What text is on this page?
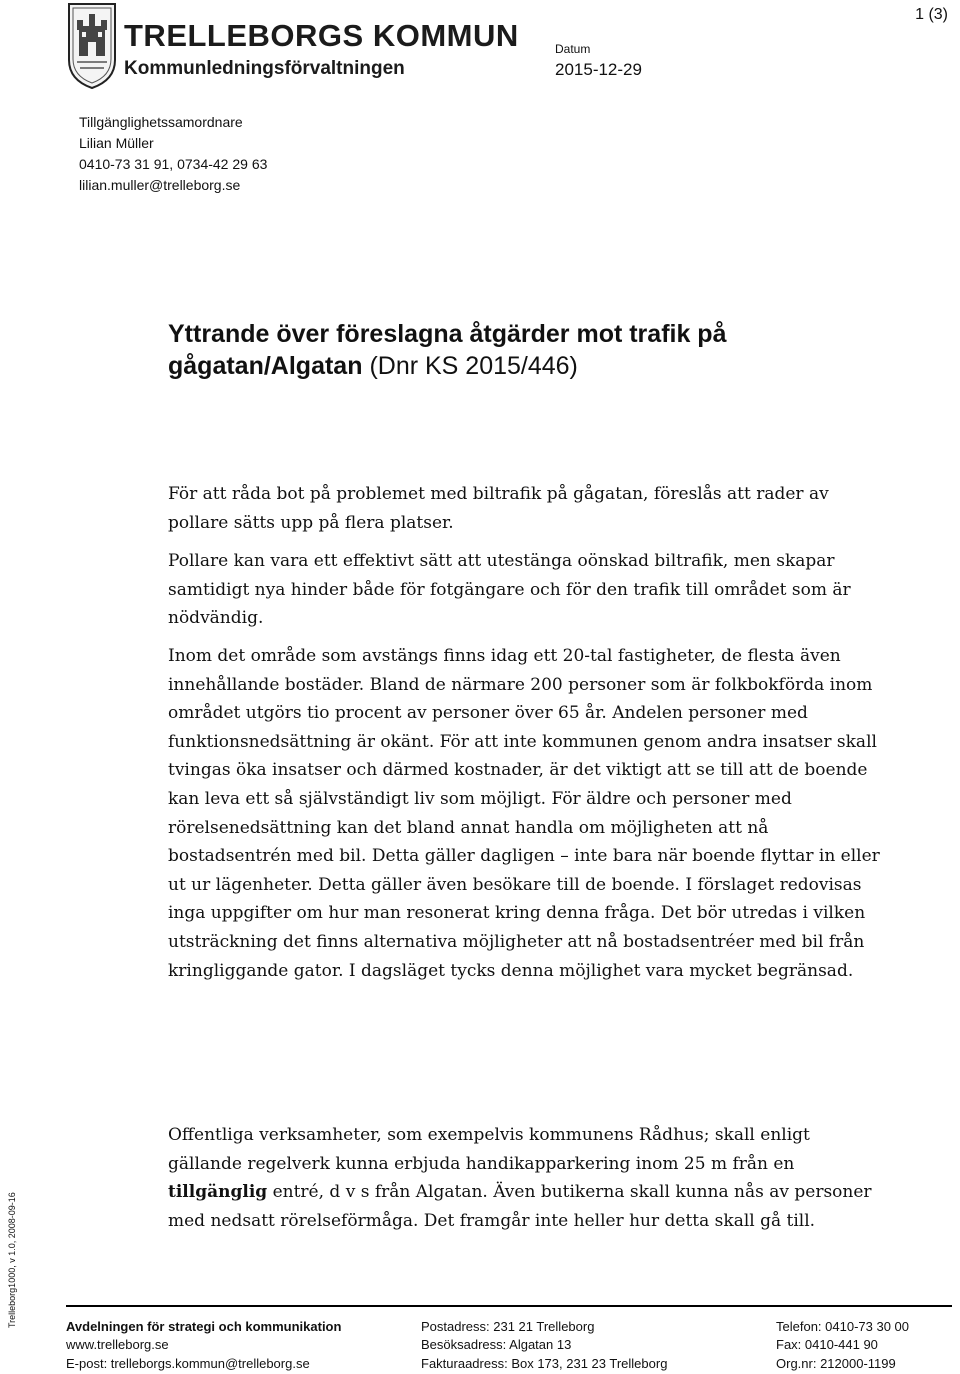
1 (3)
TRELLEBORGS KOMMUN
Kommunledningsförvaltningen
Datum
2015-12-29
Tillgänglighetssamordnare
Lilian Müller
0410-73 31 91, 0734-42 29 63
lilian.muller@trelleborg.se
Yttrande över föreslagna åtgärder mot trafik på gågatan/Algatan (Dnr KS 2015/446)
För att råda bot på problemet med biltrafik på gågatan, föreslås att rader av pollare sätts upp på flera platser.
Pollare kan vara ett effektivt sätt att utestänga oönskad biltrafik, men skapar samtidigt nya hinder både för fotgängare och för den trafik till området som är nödvändig.
Inom det område som avstängs finns idag ett 20-tal fastigheter, de flesta även innehållande bostäder. Bland de närmare 200 personer som är folkbokförda inom området utgörs tio procent av personer över 65 år. Andelen personer med funktionsnedsättning är okänt. För att inte kommunen genom andra insatser skall tvingas öka insatser och därmed kostnader, är det viktigt att se till att de boende kan leva ett så självständigt liv som möjligt. För äldre och personer med rörelsenedsättning kan det bland annat handla om möjligheten att nå bostadsentrén med bil. Detta gäller dagligen – inte bara när boende flyttar in eller ut ur lägenheter. Detta gäller även besökare till de boende. I förslaget redovisas inga uppgifter om hur man resonerat kring denna fråga. Det bör utredas i vilken utsträckning det finns alternativa möjligheter att nå bostadsentréer med bil från kringliggande gator. I dagsläget tycks denna möjlighet vara mycket begränsad.
Offentliga verksamheter, som exempelvis kommunens Rådhus; skall enligt gällande regelverk kunna erbjuda handikapparkering inom 25 m från en tillgänglig entré, d v s från Algatan. Även butikerna skall kunna nås av personer med nedsatt rörelseförmåga. Det framgår inte heller hur detta skall gå till.
Trelleborg1000, v 1.0, 2008-09-16	Avdelningen för strategi och kommunikation
www.trelleborg.se
E-post: trelleborgs.kommun@trelleborg.se
Postadress: 231 21 Trelleborg
Besöksadress: Algatan 13
Fakturaadress: Box 173, 231 23 Trelleborg
Telefon: 0410-73 30 00
Fax: 0410-441 90
Org.nr: 212000-1199
